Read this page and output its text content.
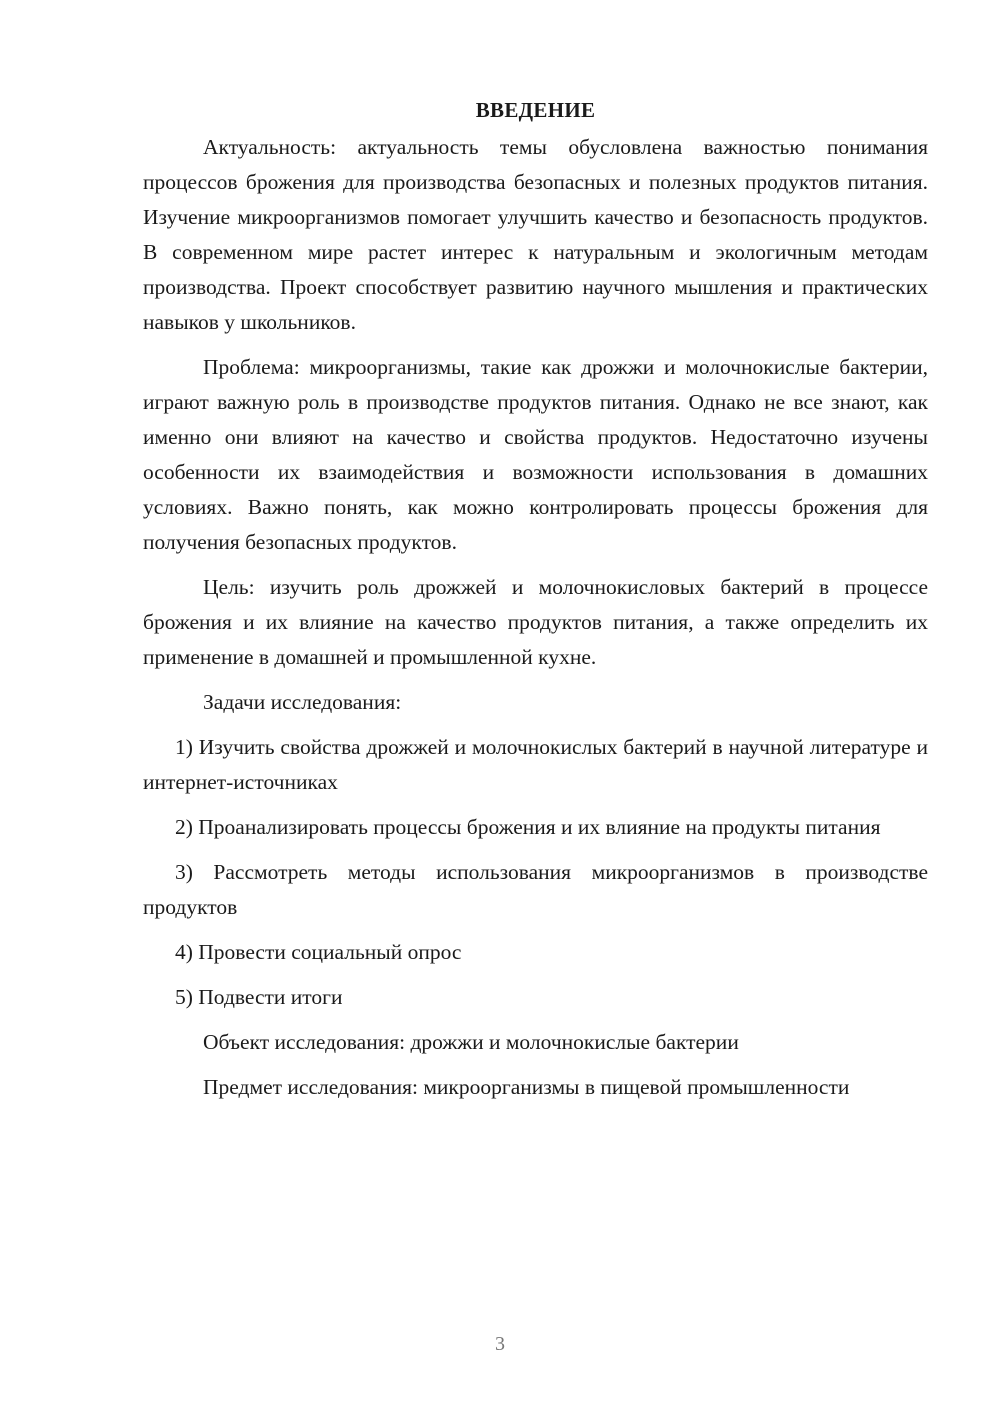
ВВЕДЕНИЕ

Актуальность: актуальность темы обусловлена важностью понимания процессов брожения для производства безопасных и полезных продуктов питания. Изучение микроорганизмов помогает улучшить качество и безопасность продуктов. В современном мире растет интерес к натуральным и экологичным методам производства. Проект способствует развитию научного мышления и практических навыков у школьников.

Проблема: микроорганизмы, такие как дрожжи и молочнокислые бактерии, играют важную роль в производстве продуктов питания. Однако не все знают, как именно они влияют на качество и свойства продуктов. Недостаточно изучены особенности их взаимодействия и возможности использования в домашних условиях. Важно понять, как можно контролировать процессы брожения для получения безопасных продуктов.

Цель: изучить роль дрожжей и молочнокисловых бактерий в процессе брожения и их влияние на качество продуктов питания, а также определить их применение в домашней и промышленной кухне.

Задачи исследования:

1) Изучить свойства дрожжей и молочнокислых бактерий в научной литературе и интернет-источниках

2) Проанализировать процессы брожения и их влияние на продукты питания

3) Рассмотреть методы использования микроорганизмов в производстве продуктов

4) Провести социальный опрос

5) Подвести итоги

Объект исследования: дрожжи и молочнокислые бактерии

Предмет исследования: микроорганизмы в пищевой промышленности

3
